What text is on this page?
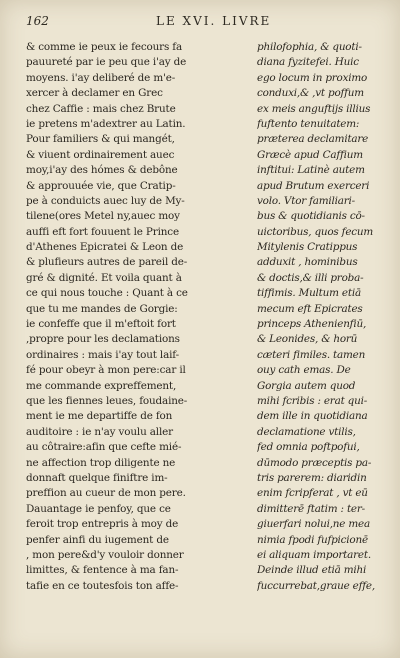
162	LE XVI. LIVRE
& comme ie peux ie fecours fa
pauureté par ie peu que i'ay de
moyens. i'ay deliberé de m'e-
xercer à declamer en Grec
chez Caffie : mais chez Brute
ie pretens m'adextrer au Latin.
Pour familiers & qui mangét,
& viuent ordinairement auec
moy,i'ay des hómes & debône
& approuuée vie, que Cratip-
pe à conduicts auec luy de My-
tilene(ores Metel ny,auec moy
auffi eft fort fouuent le Prince
d'Athenes Epicratei & Leon de
& plufieurs autres de pareil de-
gré & dignité. Et voila quant à
ce qui nous touche : Quant à ce
que tu me mandes de Gorgie:
ie confeffe que il m'eftoit fort
,propre pour les declamations
ordinaires : mais i'ay tout laif-
fé pour obeyr à mon pere:car il
me commande expreffement,
que les fiennes leues, foudaine-
ment ie me departiffe de fon
auditoire : ie n'ay voulu aller
au côtraire:afin que cefte mié-
ne affection trop diligente ne
donnaft quelque finiftre im-
preffion au cueur de mon pere.
Dauantage ie penfoy, que ce
feroit trop entrepris à moy de
penfer ainfi du iugement de
, mon pere&d'y vouloir donner
limittes, & fentence à ma fan-
tafie en ce toutesfois ton affe-
philofophia, & quoti-
diana fyzitefei. Huic
ego locum in proximo
conduxi,& ,vt poffum
ex meis anguftijs illius
fuftento tenuitatem:
præterea declamitare
Græcè apud Caffium
inftitui: Latinè autem
apud Brutum exerceri
volo. Vtor familiari-
bus & quotidianis cō-
uictoribus, quos fecum
Mitylenis Cratippus
adduxit , hominibus
& doctis,& illi proba-
tiffimis. Multum etiā
mecum eft Epicrates
princeps Athenienfiū,
& Leonides, & horū
cæteri fimiles. tamen
ouy cath emas. De
Gorgia autem quod
mihi fcribis : erat qui-
dem ille in quotidiana
declamatione vtilis,
fed omnia poftpofui,
dūmodo præceptis pa-
tris parerem: diaridin
enim fcripferat , vt eū
dimitterē ftatim : ter-
giuerfari nolui,ne mea
nimia fpodi fufpicionē
ei aliquam importaret.
Deinde illud etiā mihi
fuccurrebat,graue effe,
